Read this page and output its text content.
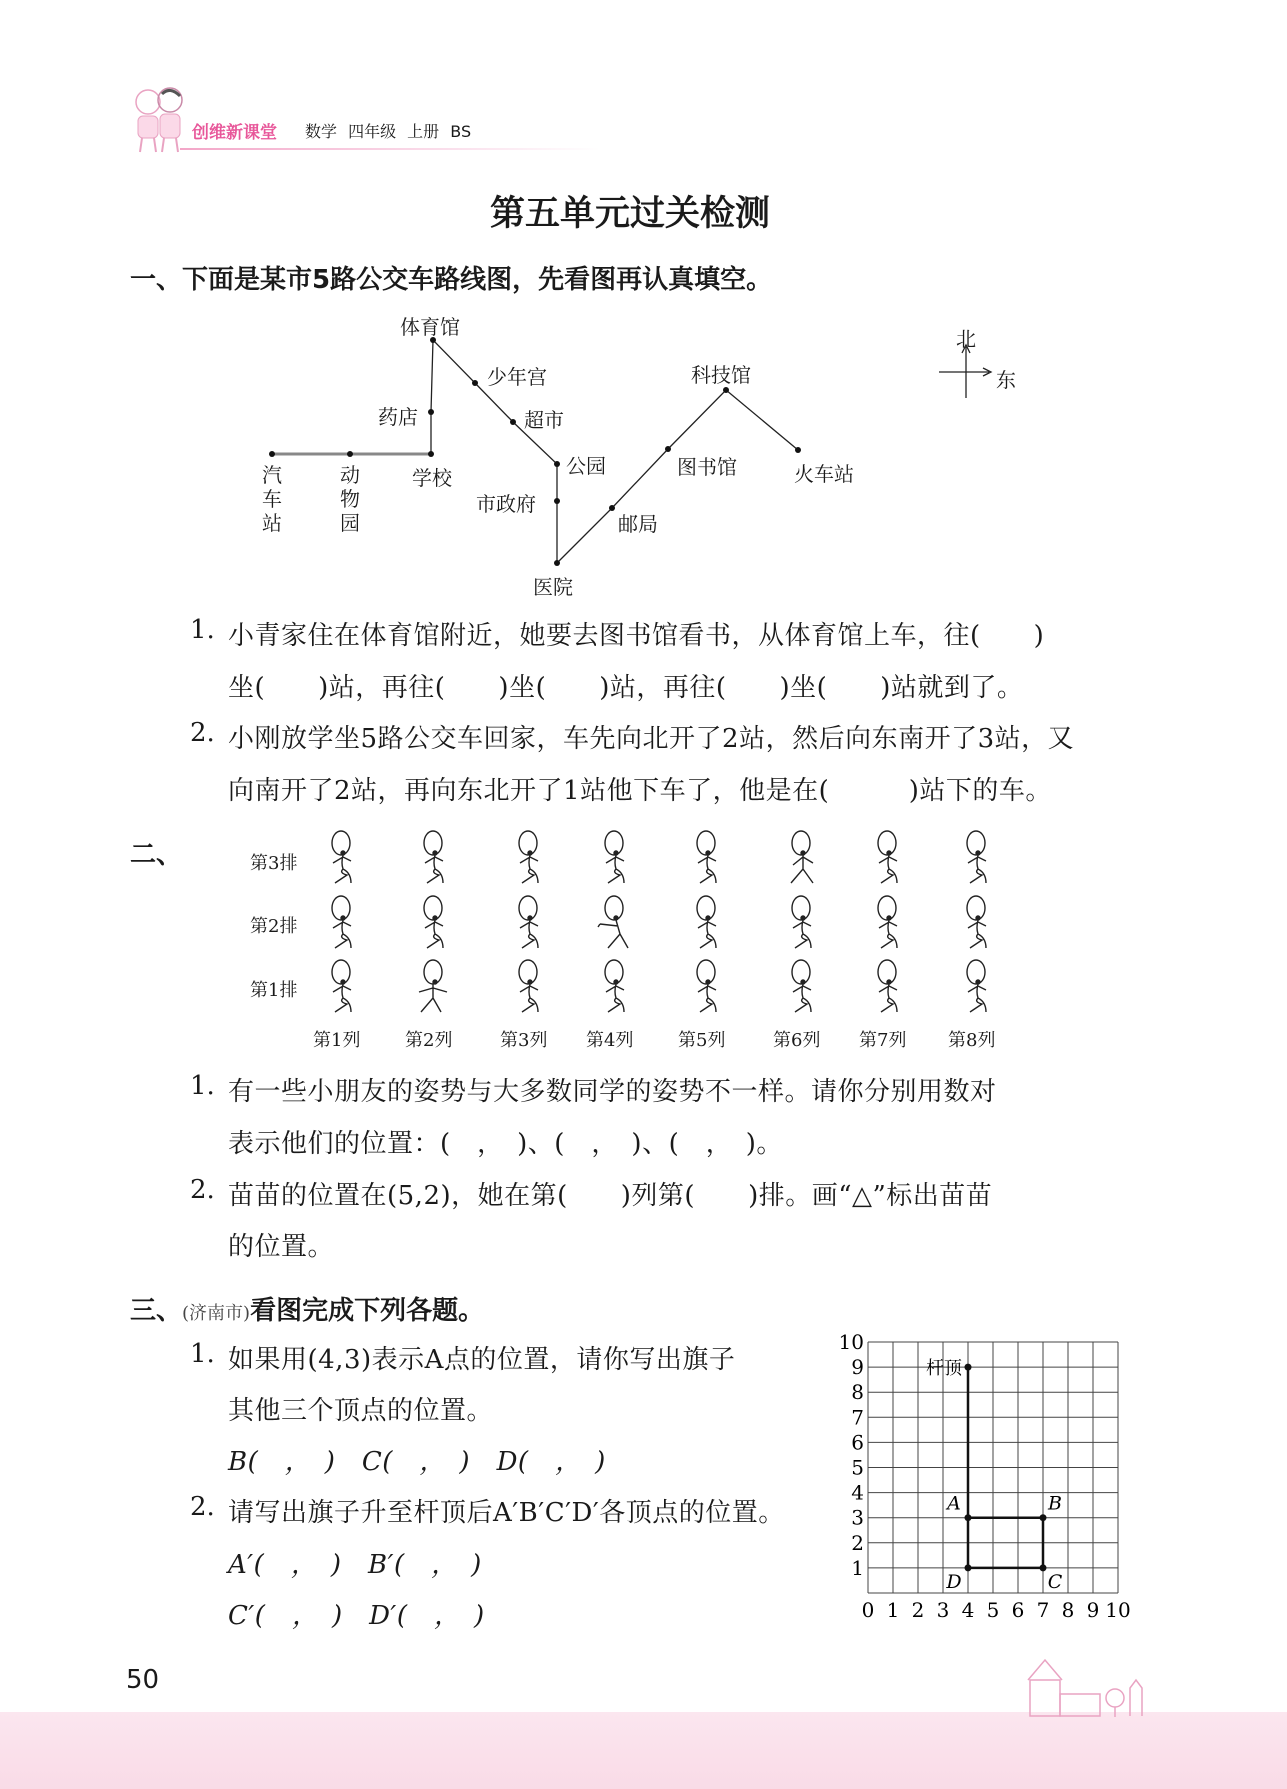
创维新课堂 数学 四年级 上册 BS
第五单元过关检测
一、下面是某市5路公交车路线图，先看图再认真填空。
汽车站
动物园
学校
药店
体育馆
少年宫
超市
公园
市政府
医院
邮局
图书馆
科技馆
火车站
北
东
1. 小青家住在体育馆附近，她要去图书馆看书，从体育馆上车，往(　　)
坐(　　)站，再往(　　)坐(　　)站，再往(　　)坐(　　)站就到了。
2. 小刚放学坐5路公交车回家，车先向北开了2站，然后向东南开了3站，又
向南开了2站，再向东北开了1站他下车了，他是在(　　　)站下的车。
二、	第3排
第2排
第1排
第1列 第2列	第3列 第4列 第5列	第6列 第7列 第8列
1. 有一些小朋友的姿势与大多数同学的姿势不一样。请你分别用数对
表示他们的位置：(　，　)、(　，　)、(　，　)。
2. 苗苗的位置在(5,2)，她在第(　　)列第(　　)排。画“△”标出苗苗
的位置。
三、(济南市)看图完成下列各题。
1. 如果用(4,3)表示A点的位置，请你写出旗子
其他三个顶点的位置。
B(　，　)　C(　，　)　D(　，　)
2. 请写出旗子升至杆顶后A′B′C′D′各顶点的位置。
A′(　，　)　B′(　，　)
C′(　，　)　D′(　，　)	0 1 2 3 4 5 6 7 8 9 10
1
2
3
4
5
6
7
8
9
10
杆顶
A	B
C
D
50
